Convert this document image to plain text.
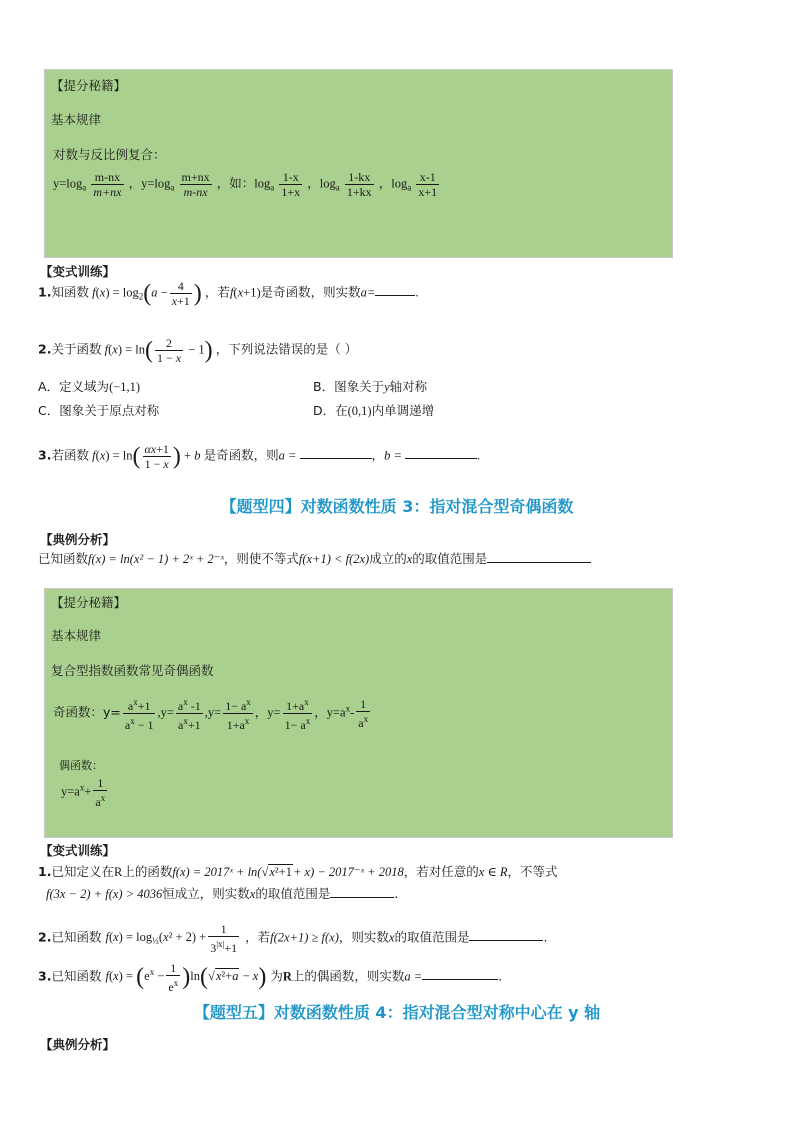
【提分秘籍】
基本规律
对数与反比例复合：
$y=\log_a \frac{m-nx}{m+nx}$ ，$y=\log_a \frac{m+nx}{m-nx}$ ，如：$\log_a \frac{1-x}{1+x}$ ，$\log_a \frac{1-kx}{1+kx}$ ，$\log_a \frac{x-1}{x+1}$
【变式训练】
1.知函数 $f(x) = \log_2(a - \frac{4}{x+1}$ ) ，若f(x+1)是奇函数，则实数a=	.
2.关于函数 $f(x) = \ln( \frac{2}{1 - x} - 1)$ ，下列说法错误的是（ ）
A．定义域为(−1,1)	B．图象关于y轴对称
C．图象关于原点对称	D．在(0,1)内单调递增
3.若函数 $f(x) = \ln( \frac{\alpha x+1}{1 - x}$ ) + b 是奇函数，则a =	，b =	.
【题型四】对数函数性质 3：指对混合型奇偶函数
【典例分析】
已知函数f(x) = ln(x² − 1) + 2ˣ + 2⁻ˣ，则使不等式f(x+1) < f(2x)成立的x的取值范围是
【提分秘籍】
基本规律
复合型指数函数常见奇偶函数
奇函数：$y= \frac{a^x+1}{a^x - 1} ,y= \frac{a^x -1}{a^x+1} ,y= \frac{1- a^x}{1+a^x}$ ，$y= \frac{1+a^x}{1- a^x}$ ，$y=a^x- \frac{1}{a^x}$
偶函数：
$y=a^x+ \frac{1}{a^x}$
【变式训练】
1.已知定义在R上的函数f(x) = 2017ˣ + ln(√x²+1+ x) − 2017⁻ˣ + 2018，若对任意的x ∈ R，不等式
f(3x − 2) + f(x) > 4036恒成立，则实数x的取值范围是	.
2.已知函数 $f(x) = \log_{\frac{1}{3}}(x^2 + 2) + \frac{1}{3^{|x|}+1}$ ，若f(2x+1) ≥ f(x)，则实数x的取值范围是	.
3.已知函数 $f(x) = (e^x - \frac{1}{e^x} )\ln(√x^2+a - x)$ 为R上的偶函数，则实数a =	.
【题型五】对数函数性质 4：指对混合型对称中心在 y 轴
【典例分析】
